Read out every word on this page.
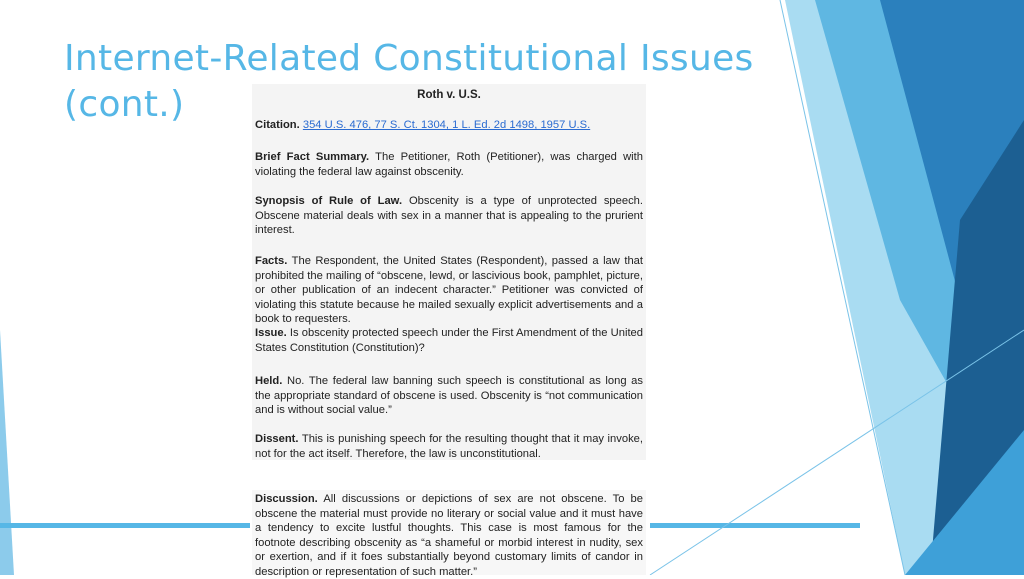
Internet-Related Constitutional Issues
(cont.)	Roth v. U.S.
Citation. 354 U.S. 476, 77 S. Ct. 1304, 1 L. Ed. 2d 1498, 1957 U.S.
Brief Fact Summary. The Petitioner, Roth (Petitioner), was charged with violating the federal law against obscenity.
Synopsis of Rule of Law. Obscenity is a type of unprotected speech. Obscene material deals with sex in a manner that is appealing to the prurient interest.
Facts. The Respondent, the United States (Respondent), passed a law that prohibited the mailing of “obscene, lewd, or lascivious book, pamphlet, picture, or other publication of an indecent character.” Petitioner was convicted of violating this statute because he mailed sexually explicit advertisements and a book to requesters.
Issue. Is obscenity protected speech under the First Amendment of the United States Constitution (Constitution)?
Held. No. The federal law banning such speech is constitutional as long as the appropriate standard of obscene is used. Obscenity is “not communication and is without social value.”
Dissent. This is punishing speech for the resulting thought that it may invoke, not for the act itself. Therefore, the law is unconstitutional.
Discussion. All discussions or depictions of sex are not obscene. To be obscene the material must provide no literary or social value and it must have a tendency to excite lustful thoughts. This case is most famous for the footnote describing obscenity as “a shameful or morbid interest in nudity, sex or exertion, and if it foes substantially beyond customary limits of candor in description or representation of such matter.”
